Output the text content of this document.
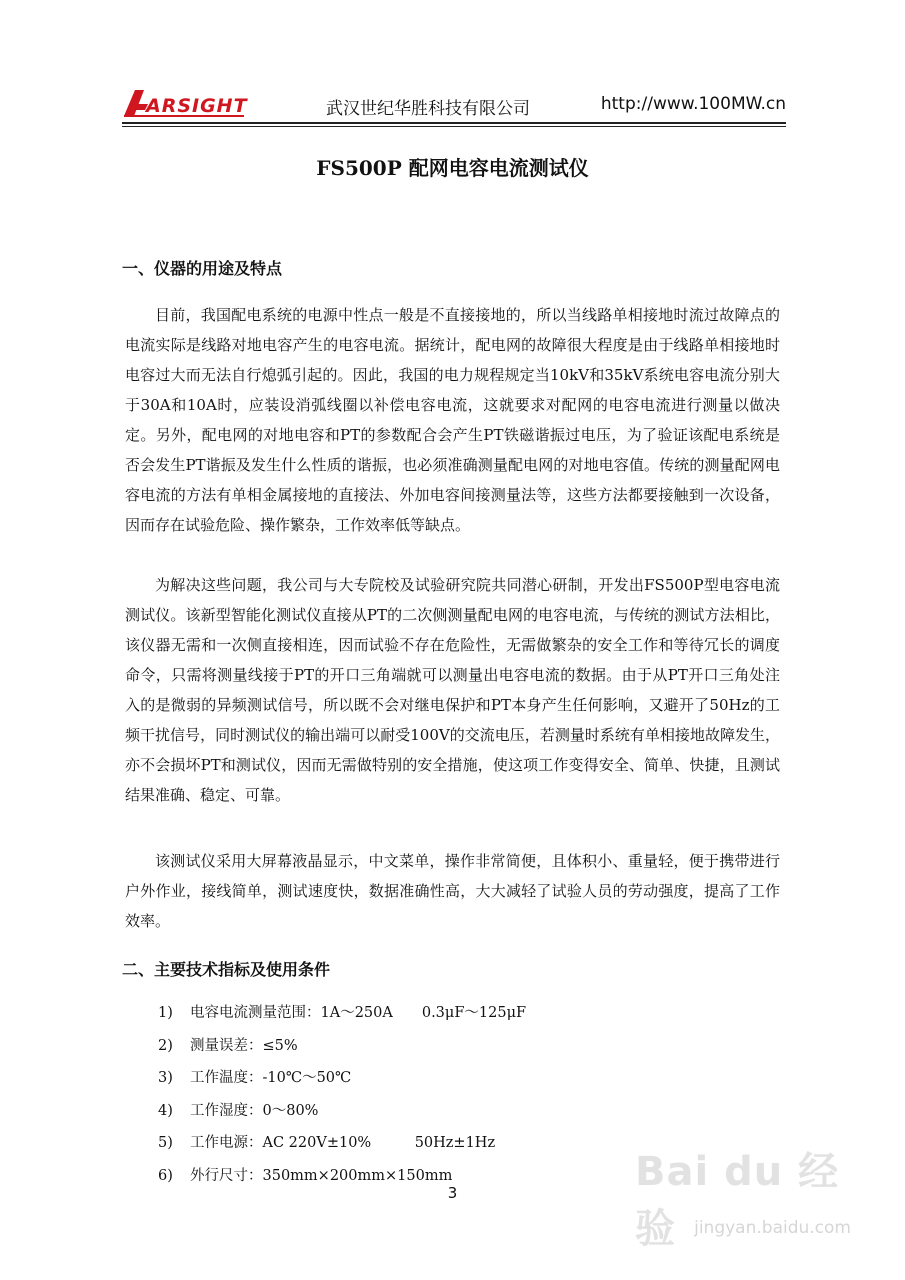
ARSIGHT	武汉世纪华胜科技有限公司	http://www.100MW.cn
FS500P 配网电容电流测试仪
一、仪器的用途及特点

目前，我国配电系统的电源中性点一般是不直接接地的，所以当线路单相接地时流过故障点的电流实际是线路对地电容产生的电容电流。据统计，配电网的故障很大程度是由于线路单相接地时电容过大而无法自行熄弧引起的。因此，我国的电力规程规定当10kV和35kV系统电容电流分别大于30A和10A时，应装设消弧线圈以补偿电容电流，这就要求对配网的电容电流进行测量以做决定。另外，配电网的对地电容和PT的参数配合会产生PT铁磁谐振过电压，为了验证该配电系统是否会发生PT谐振及发生什么性质的谐振，也必须准确测量配电网的对地电容值。传统的测量配网电容电流的方法有单相金属接地的直接法、外加电容间接测量法等，这些方法都要接触到一次设备，因而存在试验危险、操作繁杂，工作效率低等缺点。

为解决这些问题，我公司与大专院校及试验研究院共同潜心研制，开发出FS500P型电容电流测试仪。该新型智能化测试仪直接从PT的二次侧测量配电网的电容电流，与传统的测试方法相比，该仪器无需和一次侧直接相连，因而试验不存在危险性，无需做繁杂的安全工作和等待冗长的调度命令，只需将测量线接于PT的开口三角端就可以测量出电容电流的数据。由于从PT开口三角处注入的是微弱的异频测试信号，所以既不会对继电保护和PT本身产生任何影响，又避开了50Hz的工频干扰信号，同时测试仪的输出端可以耐受100V的交流电压，若测量时系统有单相接地故障发生，亦不会损坏PT和测试仪，因而无需做特别的安全措施，使这项工作变得安全、简单、快捷，且测试结果准确、稳定、可靠。

该测试仪采用大屏幕液晶显示，中文菜单，操作非常简便，且体积小、重量轻，便于携带进行户外作业，接线简单，测试速度快，数据准确性高，大大减轻了试验人员的劳动强度，提高了工作效率。

二、主要技术指标及使用条件
1) 电容电流测量范围：1A～250A　　0.3μF～125μF
2) 测量误差：≤5%
3) 工作温度：-10℃～50℃
4) 工作湿度：0～80%
5) 工作电源：AC 220V±10%　　　50Hz±1Hz
6) 外行尺寸：350mm×200mm×150mm
3	Bai du 经验	jingyan.baidu.com
